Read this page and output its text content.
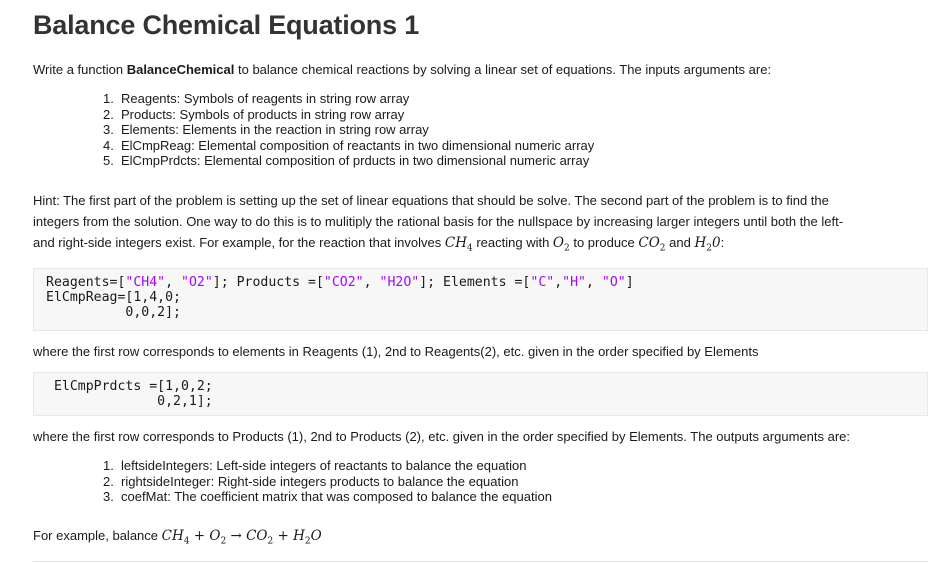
Balance Chemical Equations 1

Write a function BalanceChemical to balance chemical reactions by solving a linear set of equations. The inputs arguments are:

1. Reagents: Symbols of reagents in string row array
2. Products: Symbols of products in string row array
3. Elements: Elements in the reaction in string row array
4. ElCmpReag: Elemental composition of reactants in two dimensional numeric array
5. ElCmpPrdcts: Elemental composition of prducts in two dimensional numeric array

Hint: The first part of the problem is setting up the set of linear equations that should be solve. The second part of the problem is to find the

integers from the solution. One way to do this is to mulitiply the rational basis for the nullspace by increasing larger integers until both the left-

and right-side integers exist. For example, for the reaction that involves $CH_4$ reacting with $O_2$ to produce $CO_2$ and $H_20$:

Reagents=["CH4", "O2"]; Products =["CO2", "H2O"]; Elements =["C","H", "O"]
ElCmpReag=[1,4,0;
0,0,2];

where the first row corresponds to elements in Reagents (1), 2nd to Reagents(2), etc. given in the order specified by Elements

ElCmpPrdcts =[1,0,2;
0,2,1];

where the first row corresponds to Products (1), 2nd to Products (2), etc. given in the order specified by Elements. The outputs arguments are:

1. leftsideIntegers: Left-side integers of reactants to balance the equation
2. rightsideInteger: Right-side integers products to balance the equation
3. coefMat: The coefficient matrix that was composed to balance the equation

For example, balance $CH_4 + O_2 \to CO_2 + H_2O$
